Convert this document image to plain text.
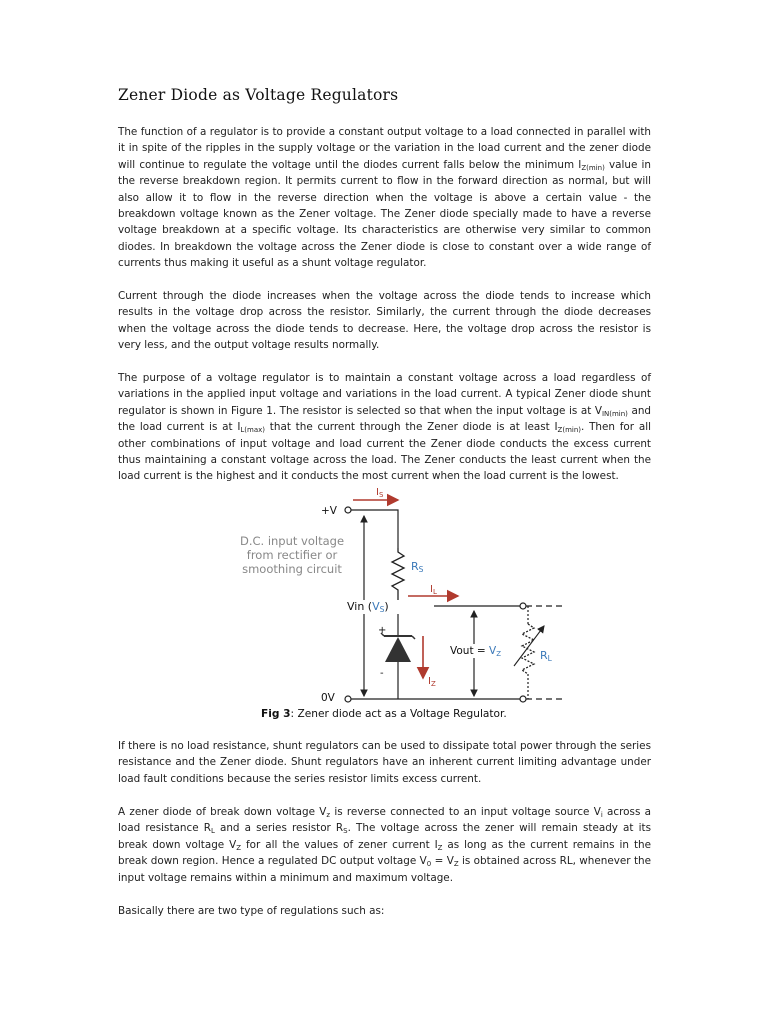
Zener Diode as Voltage Regulators

The function of a regulator is to provide a constant output voltage to a load connected in parallel with it in spite of the ripples in the supply voltage or the variation in the load current and the zener diode will continue to regulate the voltage until the diodes current falls below the minimum $I_{Z(min)}$ value in the reverse breakdown region. It permits current to flow in the forward direction as normal, but will also allow it to flow in the reverse direction when the voltage is above a certain value - the breakdown voltage known as the Zener voltage. The Zener diode specially made to have a reverse voltage breakdown at a specific voltage. Its characteristics are otherwise very similar to common diodes. In breakdown the voltage across the Zener diode is close to constant over a wide range of currents thus making it useful as a shunt voltage regulator.

Current through the diode increases when the voltage across the diode tends to increase which results in the voltage drop across the resistor. Similarly, the current through the diode decreases when the voltage across the diode tends to decrease. Here, the voltage drop across the resistor is very less, and the output voltage results normally.

The purpose of a voltage regulator is to maintain a constant voltage across a load regardless of variations in the applied input voltage and variations in the load current. A typical Zener diode shunt regulator is shown in Figure 1. The resistor is selected so that when the input voltage is at $V_{IN(min)}$ and the load current is at $I_{L(max)}$ that the current through the Zener diode is at least $I_{Z(min)}$. Then for all other combinations of input voltage and load current the Zener diode conducts the excess current thus maintaining a constant voltage across the load. The Zener conducts the least current when the load current is the highest and it conducts the most current when the load current is the lowest.

If there is no load resistance, shunt regulators can be used to dissipate total power through the series resistance and the Zener diode. Shunt regulators have an inherent current limiting advantage under load fault conditions because the series resistor limits excess current.

A zener diode of break down voltage $V_z$ is reverse connected to an input voltage source $V_i$ across a load resistance $R_L$ and a series resistor $R_S$. The voltage across the zener will remain steady at its break down voltage $V_Z$ for all the values of zener current $I_Z$ as long as the current remains in the break down region. Hence a regulated DC output voltage $V_0 = V_Z$ is obtained across RL, whenever the input voltage remains within a minimum and maximum voltage.

Basically there are two type of regulations such as:

D.C. input voltage
from rectifier or
smoothing circuit
+V
0V
$I_S$
RS
$I_L$
+
-
$I_Z$
Vin (VS)
Vout = VZ	RL
Fig 3: Zener diode act as a Voltage Regulator.
